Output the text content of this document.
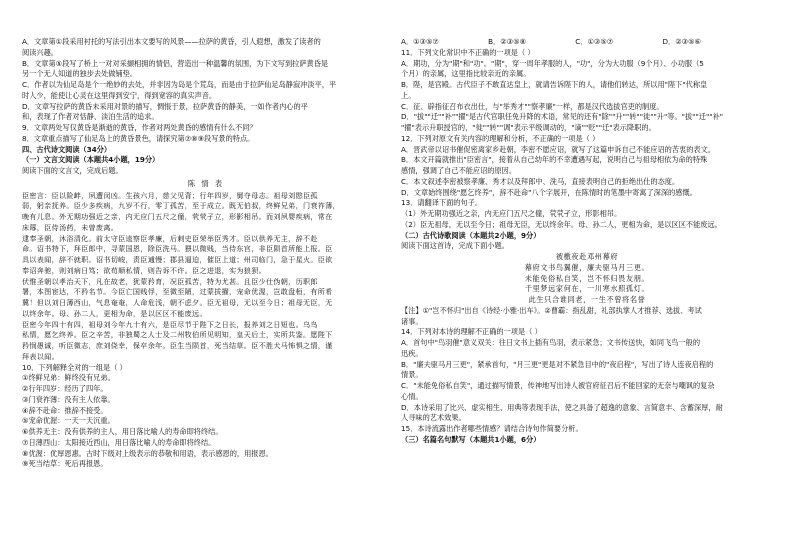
A．文章第①段采用衬托的写法引出本文要写的风景——拉萨的黄昏，引人遐想，激发了读者的
阅读兴趣。
B．文章第⑤段写了桥上一对对采撷相拥的情侣，营造出一种温馨的氛围，为下文写到拉萨黄昏是
另一个无人知道的独步去处做铺垫。
C．作者以为仙足岛是个一绝妙的去处，并非因为岛是个荒岛，而是由于拉萨仙足岛静寂冲淡平，平
时人少，能使让心灵在这里得到安宁，得到宽容的真实声音。
D．文章写拉萨的黄昏未采用对景的描写，惆悵于景，拉萨黄昏的静美，一如作者内心的平
和，表现了作者对恬静、淡泊生活的追求。
9．文章两处写仅黄昏是渐逝的黄昏，作者对两处黄昏的感情有什么不同？
8．文章重点描写了仙足岛上的黄昏景色，请探究第⑦⑧⑨段写景的特点。
四、古代诗文阅读（34分）
（一）文言文阅读（本题共4小题，19分）
阅读下面的文言文，完成后题。
陈 情 表
臣密言：臣以险衅，夙遭闵凶。生孩六月，慈父见背；行年四岁，舅夺母志。祖母刘愍臣孤
弱，躬亲抚养。臣少多疾病，九岁不行，零丁孤苦，至于成立。既无伯叔，终鲜兄弟，门衰祚薄，
晚有儿息。外无期功强近之亲，内无应门五尺之僮，茕茕孑立，形影相吊。而刘夙婴疾病，常在
床蓐，臣侍汤药，未曾废离。
逮奉圣朝，沐浴清化。前太守臣逵察臣孝廉，后刺史臣荣举臣秀才。臣以供养无主，辞不赴
命。诏书特下，拜臣郎中，寻蒙国恩，除臣洗马。猥以微贱，当侍东宫，非臣陨首所能上报。臣
具以表闻，辞不就职。诏书切峻，责臣逋慢；郡县逼迫，催臣上道；州司临门，急于星火。臣欲
奉诏奔驰，则刘病日笃；欲苟顺私情，则告诉不许。臣之进退，实为狼狈。
伏惟圣朝以孝治天下，凡在故老，犹蒙矜育，况臣孤苦，特为尤甚。且臣少仕伪朝，历职郎
署，本图宦达，不矜名节。今臣亡国贱俘，至微至陋，过蒙拔擢，宠命优渥，岂敢盘桓，有所希
冀！但以刘日薄西山，气息奄奄，人命危浅，朝不虑夕。臣无祖母，无以至今日；祖母无臣，无
以终余年。母、孙二人，更相为命，是以区区不能废远。
臣密今年四十有四，祖母刘今年九十有六，是臣尽节于陛下之日长，报养刘之日短也。乌鸟
私情，愿乞终养。臣之辛苦，非独蜀之人士及二州牧伯所见明知，皇天后土，实所共鉴。愿陛下
矜悯愚诚，听臣微志，庶刘侥幸，保卒余年。臣生当陨首，死当结草。臣不胜犬马怖惧之情，谨
拜表以闻。
10．下列解释全对的一组是（ ）
①终鲜兄弟：鲜终没有兄弟。
②行年四岁：经历了四年。
③门衰祚薄：没有主人依靠。
④辞不赴命：推辞不接受。
⑤宠命优渥：一天一天沉重。
⑥供养无主：没有供养的主人，用日落比喻人的寿命即将终结。
⑦日薄西山：太阳接近西山，用日落比喻人的寿命即将终结。
⑧优渥：优厚恩惠。古时下级对上级表示的恭敬和用语，表示感恩的，用报恩。
⑨死当结草：死后再报恩。
A．①③⑤⑦	B．②③⑤⑧	C．①③⑤⑦	D．②③⑤⑥
11．下列文化常识中不正确的一项是（ ）
A．期功，分为"期"和"功"。"期"，穿一周年孝服的人，"功"，分为大功服（9个月）、小功服（5
个月）的亲属，这里指比较亲近的亲属。
B．陛，是宫殿。古代臣子不敢直达皇上，就请告诉陛下的人，请他们转达，所以用"陛下"代称皇
上。
C．征、辟指征召布衣出仕，与"举秀才""察孝廉"一样，都是汉代选拔官吏的制度。
D．"拔""迁""补""擢"是古代官职任免升降的术语，常见的还有"除""升""转""徙""升"等。"拔""迁""补"
"擢"表示升职授官的，"徙""转""调"表示平级调动的，"谪""贬""迁"表示降职的。
12．下列对原文有关内容的理解和分析，不正确的一项是（ ）
A．晋武帝以诏书催促密离家乡赴朝，李密不愿应诏，就写了这篇申诉自己不能应诏的苦衷的表文。
B．本文开篇就推出"臣密言"，接着从自己幼年的不幸遭遇写起，说明自己与祖母相依为命的特殊
感情，强调了自己不能应诏的原因。
C．本文叙述李密被察孝廉、秀才以及拜郎中、洗马，直接表明自己的拒绝出仕的态度。
D．文章始终围绕"愿乞终养"，辞不赴命"八个字展开，在陈情时的笔墨中寄寓了深深的感慨。
13．请翻译下面的句子。
（1）外无期功强近之亲，内无应门五尺之僮，茕茕孑立，形影相吊。
（2）臣无祖母，无以至今日；祖母无臣，无以终余年。母、孙二人，更相为命，是以区区不能废远。
（二）古代诗歌阅读（本题共2小题，9分）
阅读下面这首诗，完成下面小题。
被檄夜赴邓州幕府
幕府文书鸟翼催，廉夫驱马月三更。
未能免俗私自笑，岂不怀归畏友朋。
千里梦远家何在，一川寒水照孤灯。
此生只合谁同老，一生不曾将名誉
【注】①"岂不怀归"出自《诗经·小雅·出车》。②曹霸：指乱甜，礼部执掌人才推荐、选拔、考试
诸事。
14．下列对本诗的理解不正确的一项是（ ）
A．首句中"鸟羽催"意义双关：往日文书上插有鸟羽，表示紧急；文书传送快，如同飞鸟一般的
迅疾。
B．"廉夫驱马月三更"，紧承首句，"月三更"更是对不紧急目中的"夜启程"，写出了诗人连夜启程的
情景。
C．"未能免俗私自笑"，通过描写情景，传神地写出诗人被官府征召后不能回家的无奈与嘲讽的复杂
心情。
D．本诗采用了比兴、虚实相生、用典等表现手法，使之具备了超逸的意象、言简意丰、含蓄深厚，耐
人寻味的艺术效果。
15．本诗流露出作者哪些情感？请结合诗句作简要分析。
（三）名篇名句默写（本题共1小题，6分）
